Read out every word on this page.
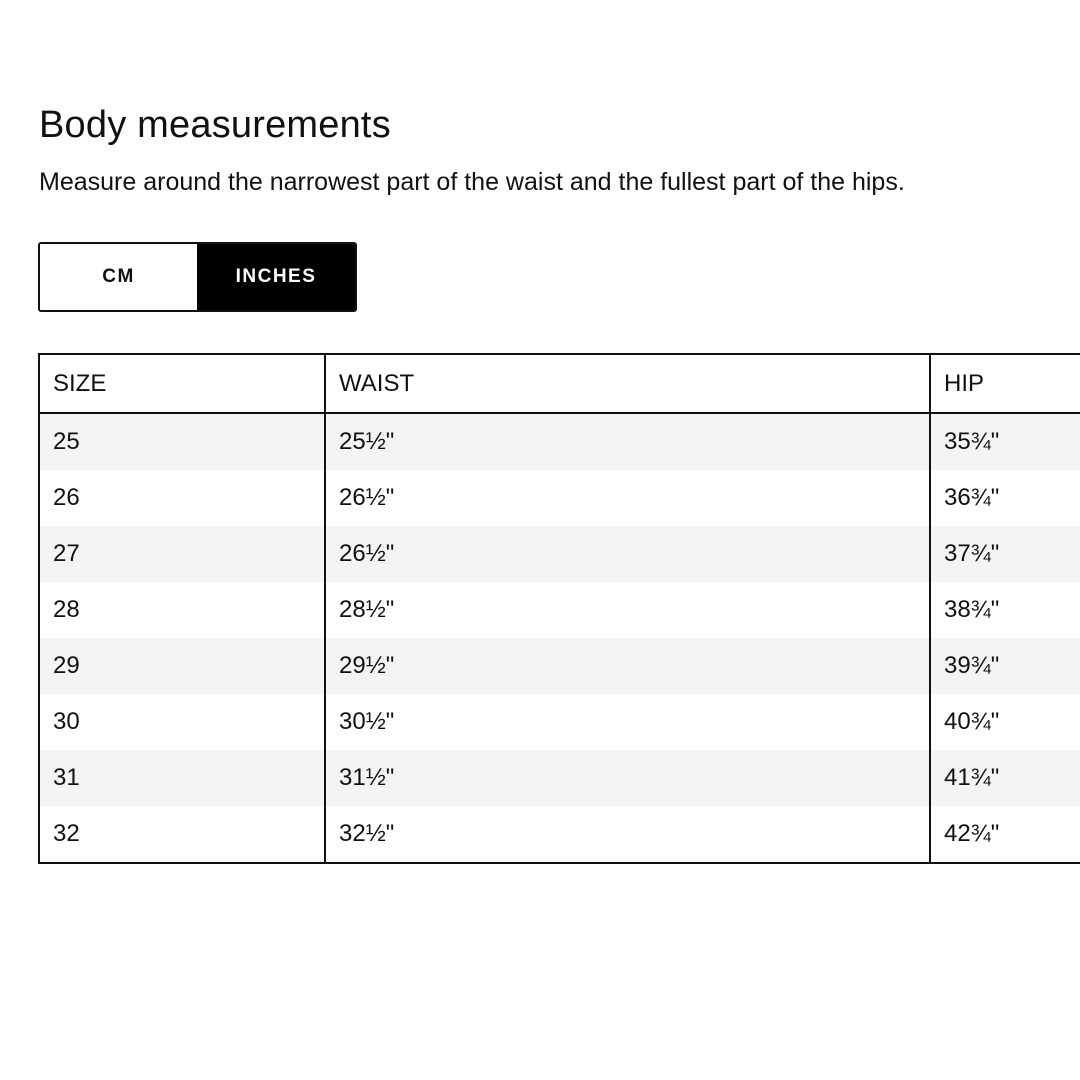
Body measurements

Measure around the narrowest part of the waist and the fullest part of the hips.

CM	INCHES
SIZE	WAIST	HIP
25	25½"	35¾"
26	26½"	36¾"
27	26½"	37¾"
28	28½"	38¾"
29	29½"	39¾"
30	30½"	40¾"
31	31½"	41¾"
32	32½"	42¾"
